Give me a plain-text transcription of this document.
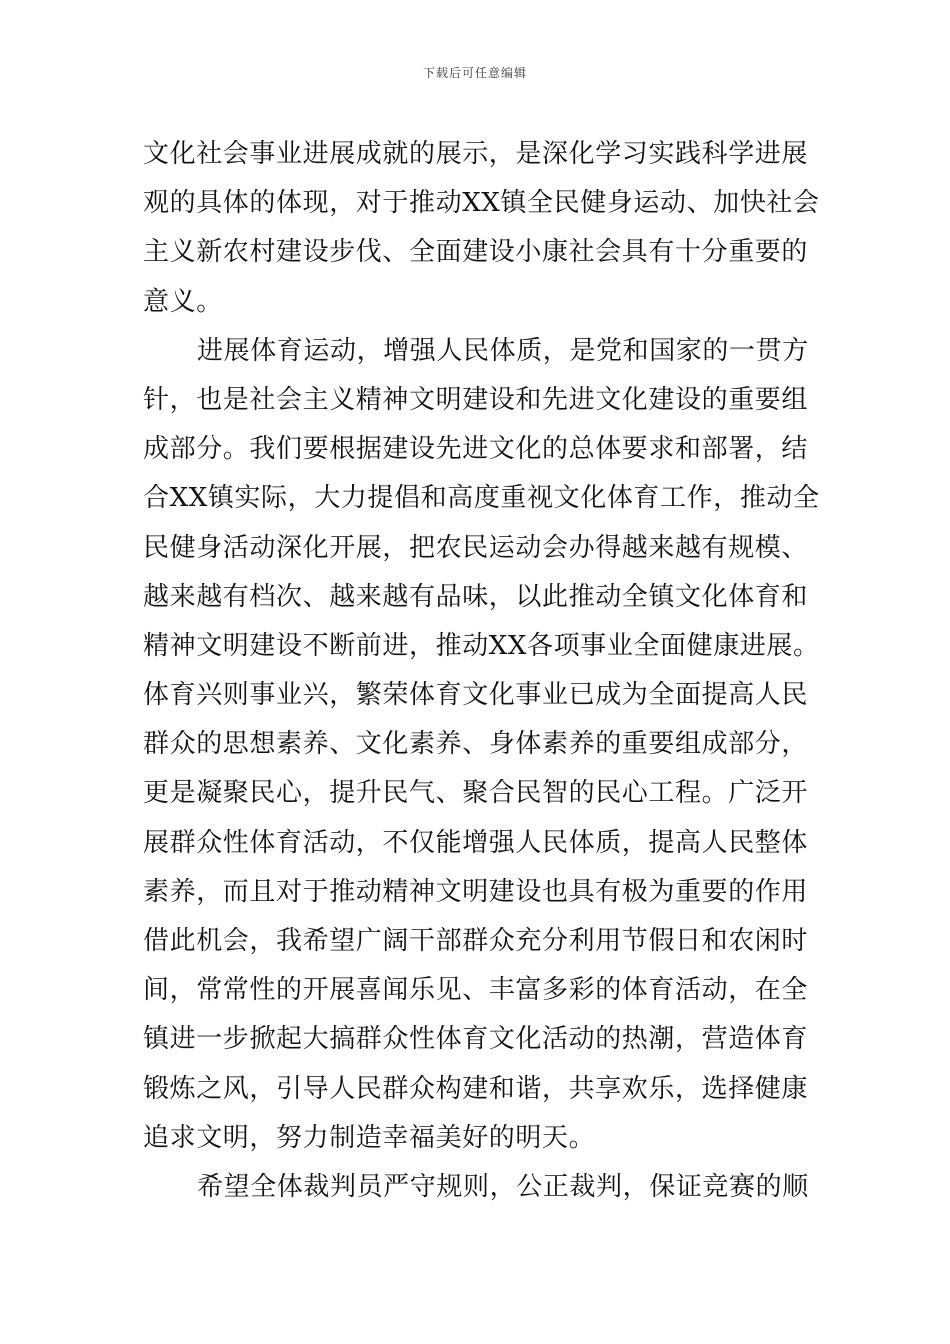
下载后可任意编辑
文化社会事业进展成就的展示，是深化学习实践科学进展
观的具体的体现，对于推动XX镇全民健身运动、加快社会
主义新农村建设步伐、全面建设小康社会具有十分重要的
意义。
进展体育运动，增强人民体质，是党和国家的一贯方
针，也是社会主义精神文明建设和先进文化建设的重要组
成部分。我们要根据建设先进文化的总体要求和部署，结
合XX镇实际，大力提倡和高度重视文化体育工作，推动全
民健身活动深化开展，把农民运动会办得越来越有规模、
越来越有档次、越来越有品味，以此推动全镇文化体育和
精神文明建设不断前进，推动XX各项事业全面健康进展。
体育兴则事业兴，繁荣体育文化事业已成为全面提高人民
群众的思想素养、文化素养、身体素养的重要组成部分，
更是凝聚民心，提升民气、聚合民智的民心工程。广泛开
展群众性体育活动，不仅能增强人民体质，提高人民整体
素养，而且对于推动精神文明建设也具有极为重要的作用
借此机会，我希望广阔干部群众充分利用节假日和农闲时
间，常常性的开展喜闻乐见、丰富多彩的体育活动，在全
镇进一步掀起大搞群众性体育文化活动的热潮，营造体育
锻炼之风，引导人民群众构建和谐，共享欢乐，选择健康
追求文明，努力制造幸福美好的明天。
希望全体裁判员严守规则，公正裁判，保证竞赛的顺
